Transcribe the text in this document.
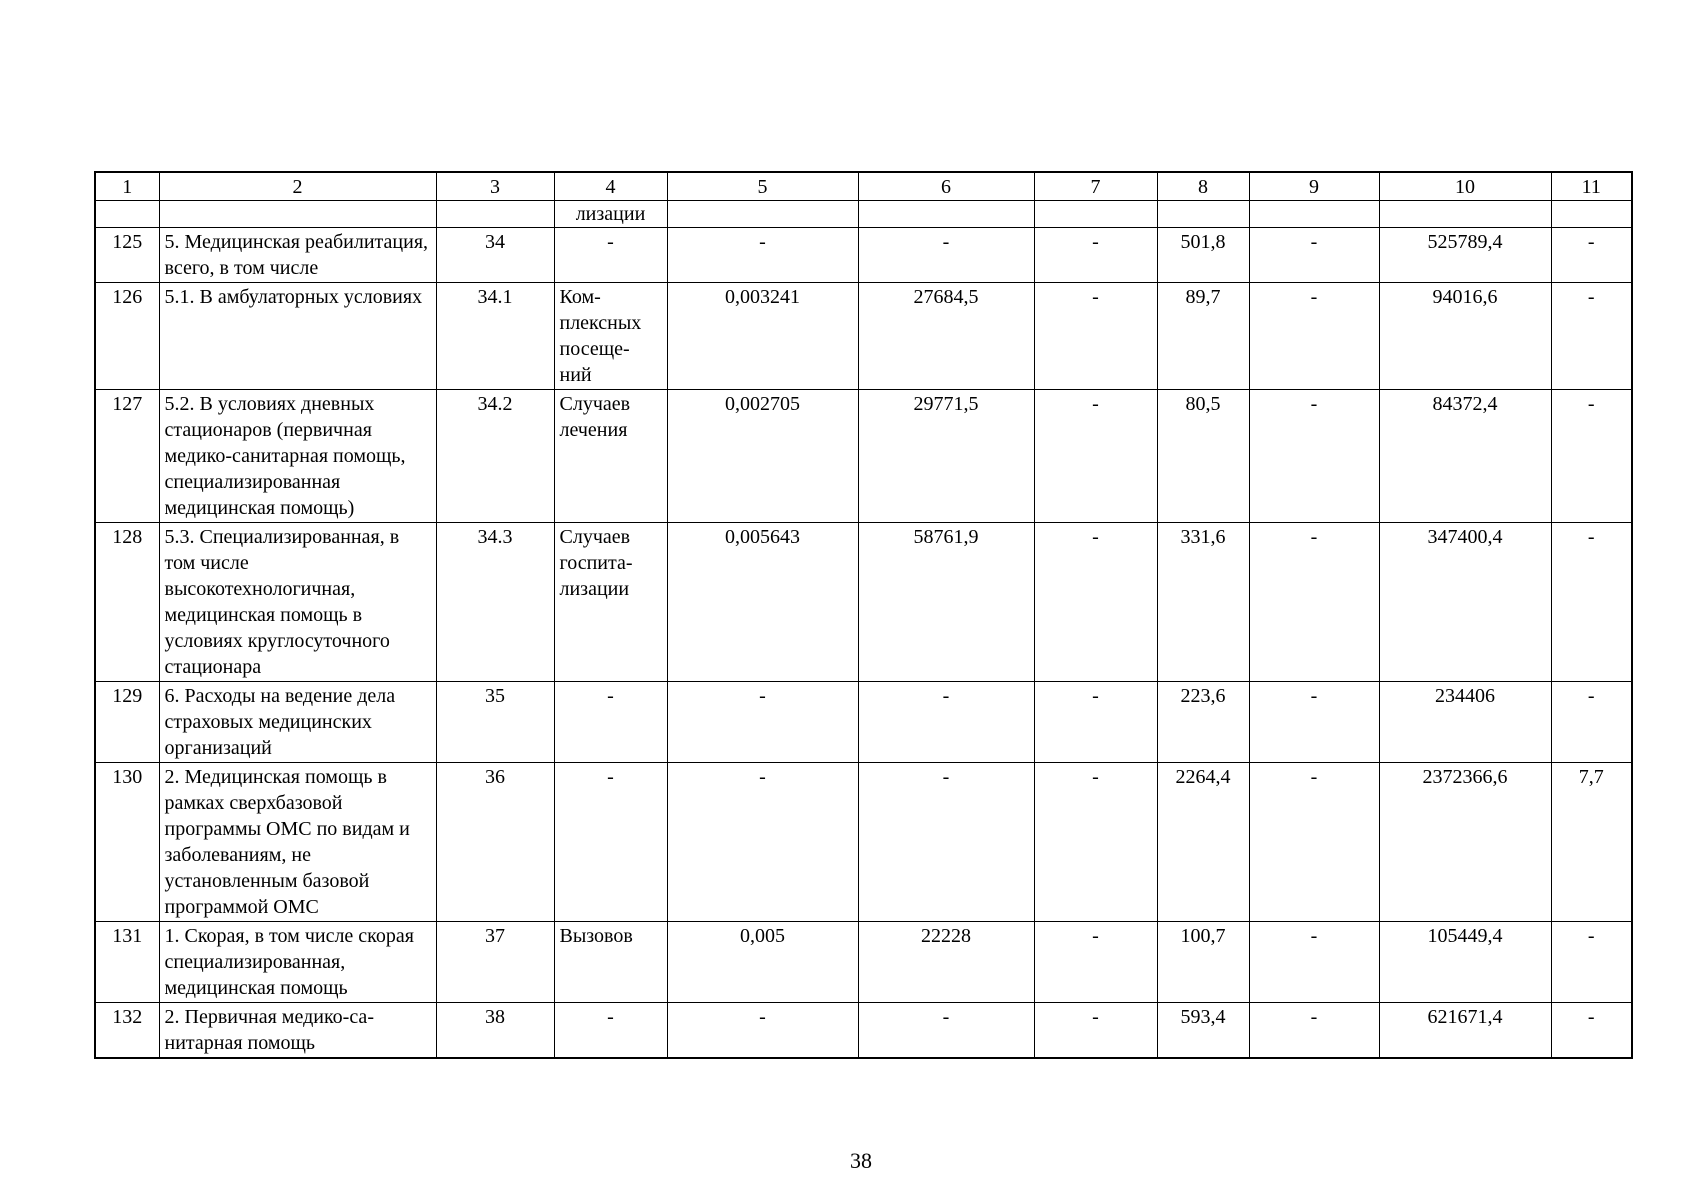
1	2	3	4	5	6	7	8	9	10	11
			лизации							
125	5. Медицинская реабилитация, всего, в том числе	34	-	-	-	-	501,8	-	525789,4	-
126	5.1. В амбулаторных условиях	34.1	Ком-плексных посеще-ний	0,003241	27684,5	-	89,7	-	94016,6	-
127	5.2. В условиях дневных стационаров (первичная медико-санитарная помощь, специализированная медицинская помощь)	34.2	Случаев лечения	0,002705	29771,5	-	80,5	-	84372,4	-
128	5.3. Специализированная, в том числе высокотехнологичная, медицинская помощь в условиях круглосуточного стационара	34.3	Случаев госпита-лизации	0,005643	58761,9	-	331,6	-	347400,4	-
129	6. Расходы на ведение дела страховых медицинских организаций	35	-	-	-	-	223,6	-	234406	-
130	2. Медицинская помощь в рамках сверхбазовой программы ОМС по видам и заболеваниям, не установленным базовой программой ОМС	36	-	-	-	-	2264,4	-	2372366,6	7,7
131	1. Скорая, в том числе скорая специализированная, медицинская помощь	37	Вызовов	0,005	22228	-	100,7	-	105449,4	-
132	2. Первичная медико-са-нитарная помощь	38	-	-	-	-	593,4	-	621671,4	-
38
